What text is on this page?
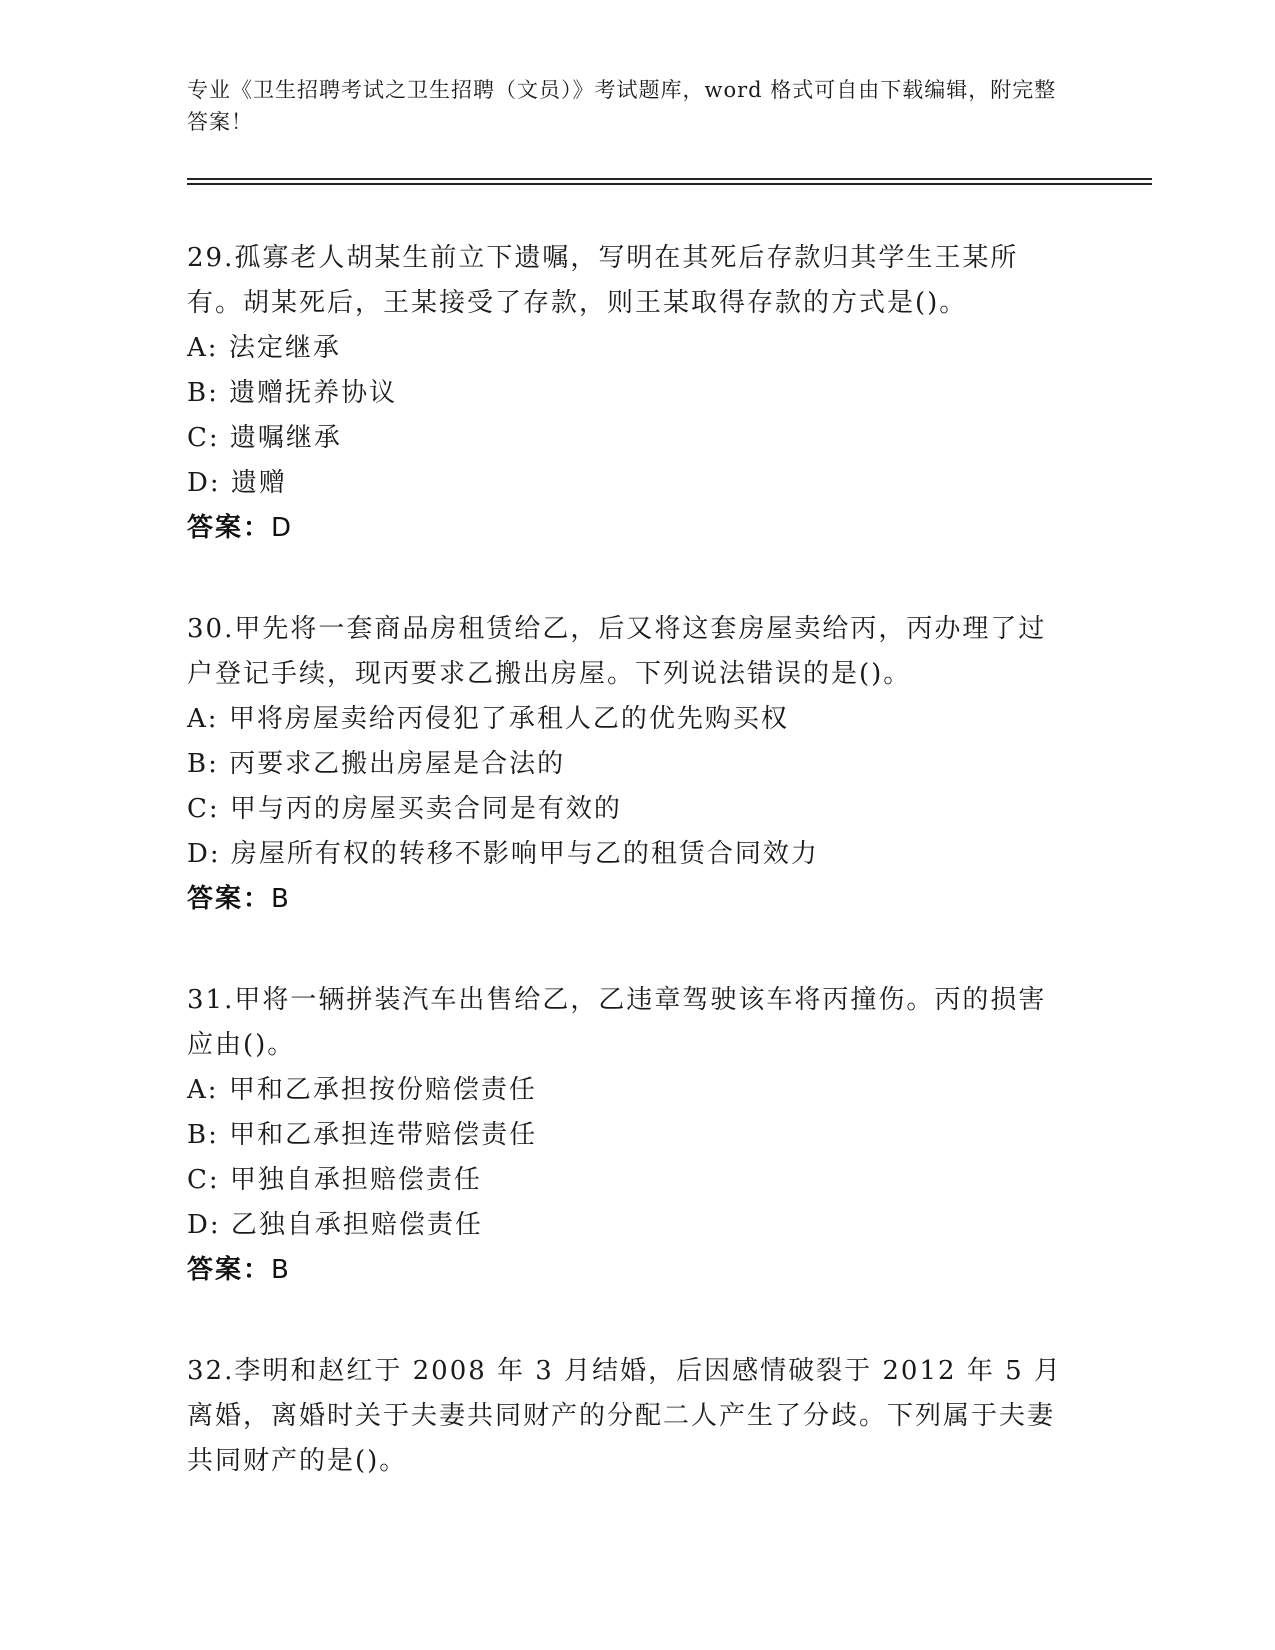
专业《卫生招聘考试之卫生招聘（文员）》考试题库，word 格式可自由下载编辑，附完整答案！
29.孤寡老人胡某生前立下遗嘱，写明在其死后存款归其学生王某所有。胡某死后，王某接受了存款，则王某取得存款的方式是()。
A: 法定继承
B: 遗赠抚养协议
C: 遗嘱继承
D: 遗赠
答案：D
30.甲先将一套商品房租赁给乙，后又将这套房屋卖给丙，丙办理了过户登记手续，现丙要求乙搬出房屋。下列说法错误的是()。
A: 甲将房屋卖给丙侵犯了承租人乙的优先购买权
B: 丙要求乙搬出房屋是合法的
C: 甲与丙的房屋买卖合同是有效的
D: 房屋所有权的转移不影响甲与乙的租赁合同效力
答案：B
31.甲将一辆拼装汽车出售给乙，乙违章驾驶该车将丙撞伤。丙的损害应由()。
A: 甲和乙承担按份赔偿责任
B: 甲和乙承担连带赔偿责任
C: 甲独自承担赔偿责任
D: 乙独自承担赔偿责任
答案：B
32.李明和赵红于 2008 年 3 月结婚，后因感情破裂于 2012 年 5 月离婚，离婚时关于夫妻共同财产的分配二人产生了分歧。下列属于夫妻共同财产的是()。
